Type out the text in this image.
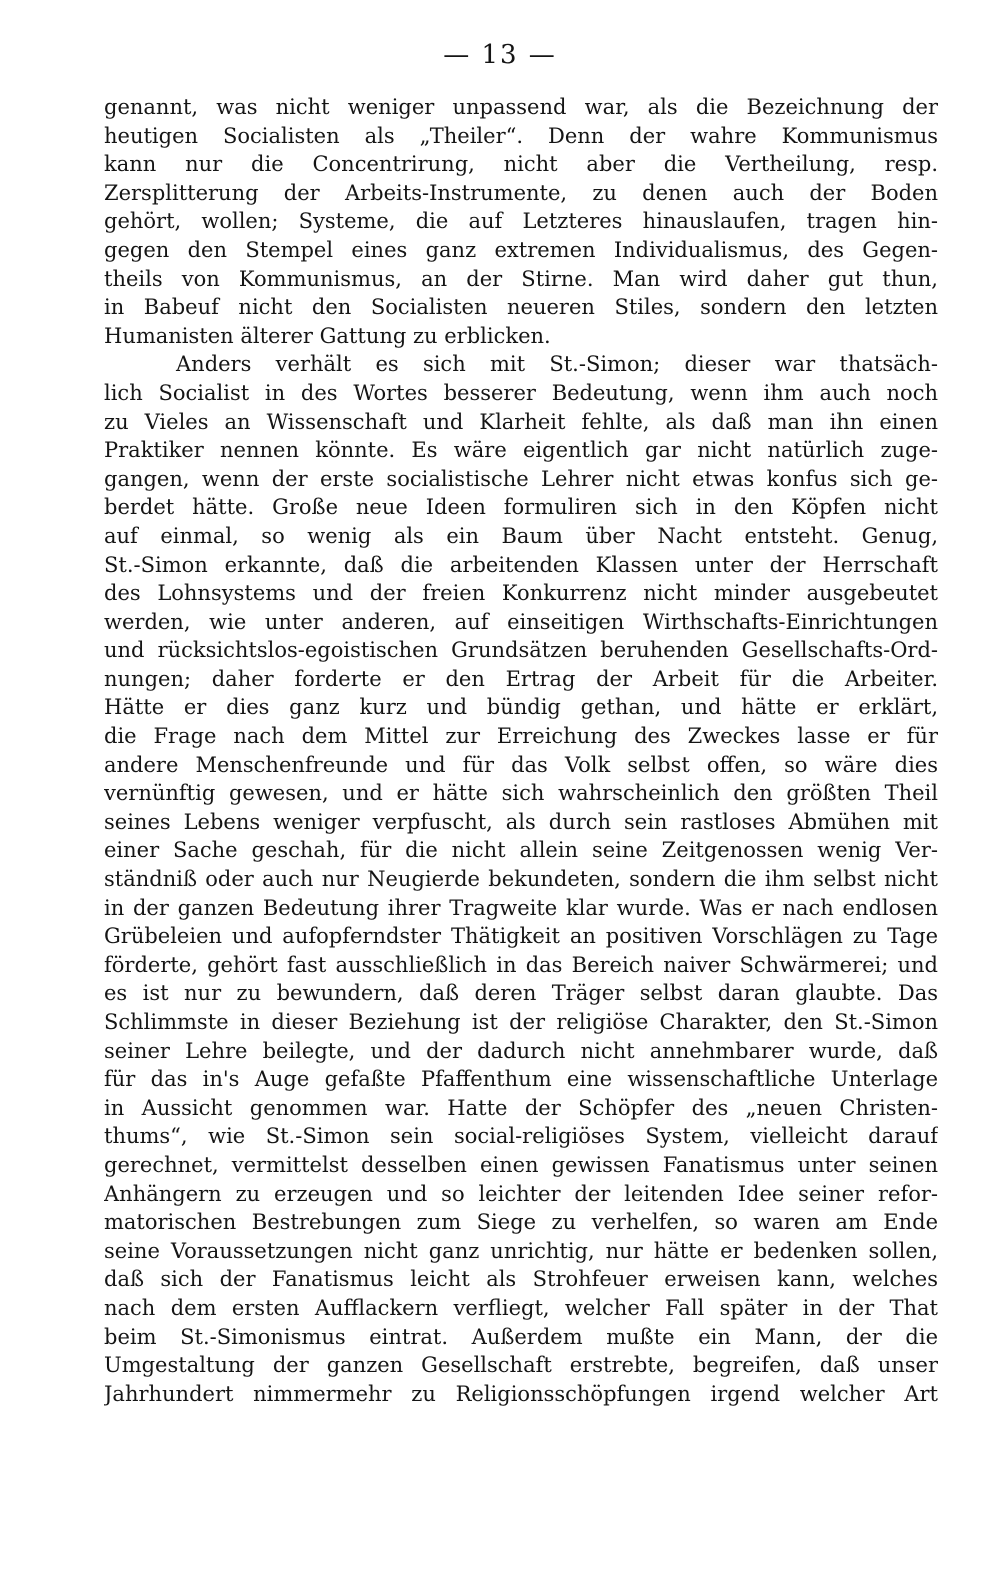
— 13 —
genannt, was nicht weniger unpassend war, als die Bezeichnung der
heutigen Socialisten als „Theiler“. Denn der wahre Kommunismus
kann nur die Concentrirung, nicht aber die Vertheilung, resp.
Zersplitterung der Arbeits-Instrumente, zu denen auch der Boden
gehört, wollen; Systeme, die auf Letzteres hinauslaufen, tragen hin-
gegen den Stempel eines ganz extremen Individualismus, des Gegen-
theils von Kommunismus, an der Stirne. Man wird daher gut thun,
in Babeuf nicht den Socialisten neueren Stiles, sondern den letzten
Humanisten älterer Gattung zu erblicken.
Anders verhält es sich mit St.-Simon; dieser war thatsäch-
lich Socialist in des Wortes besserer Bedeutung, wenn ihm auch noch
zu Vieles an Wissenschaft und Klarheit fehlte, als daß man ihn einen
Praktiker nennen könnte. Es wäre eigentlich gar nicht natürlich zuge-
gangen, wenn der erste socialistische Lehrer nicht etwas konfus sich ge-
berdet hätte. Große neue Ideen formuliren sich in den Köpfen nicht
auf einmal, so wenig als ein Baum über Nacht entsteht. Genug,
St.-Simon erkannte, daß die arbeitenden Klassen unter der Herrschaft
des Lohnsystems und der freien Konkurrenz nicht minder ausgebeutet
werden, wie unter anderen, auf einseitigen Wirthschafts-Einrichtungen
und rücksichtslos-egoistischen Grundsätzen beruhenden Gesellschafts-Ord-
nungen; daher forderte er den Ertrag der Arbeit für die Arbeiter.
Hätte er dies ganz kurz und bündig gethan, und hätte er erklärt,
die Frage nach dem Mittel zur Erreichung des Zweckes lasse er für
andere Menschenfreunde und für das Volk selbst offen, so wäre dies
vernünftig gewesen, und er hätte sich wahrscheinlich den größten Theil
seines Lebens weniger verpfuscht, als durch sein rastloses Abmühen mit
einer Sache geschah, für die nicht allein seine Zeitgenossen wenig Ver-
ständniß oder auch nur Neugierde bekundeten, sondern die ihm selbst nicht
in der ganzen Bedeutung ihrer Tragweite klar wurde. Was er nach endlosen
Grübeleien und aufopferndster Thätigkeit an positiven Vorschlägen zu Tage
förderte, gehört fast ausschließlich in das Bereich naiver Schwärmerei; und
es ist nur zu bewundern, daß deren Träger selbst daran glaubte. Das
Schlimmste in dieser Beziehung ist der religiöse Charakter, den St.-Simon
seiner Lehre beilegte, und der dadurch nicht annehmbarer wurde, daß
für das in's Auge gefaßte Pfaffenthum eine wissenschaftliche Unterlage
in Aussicht genommen war. Hatte der Schöpfer des „neuen Christen-
thums“, wie St.-Simon sein social-religiöses System, vielleicht darauf
gerechnet, vermittelst desselben einen gewissen Fanatismus unter seinen
Anhängern zu erzeugen und so leichter der leitenden Idee seiner refor-
matorischen Bestrebungen zum Siege zu verhelfen, so waren am Ende
seine Voraussetzungen nicht ganz unrichtig, nur hätte er bedenken sollen,
daß sich der Fanatismus leicht als Strohfeuer erweisen kann, welches
nach dem ersten Aufflackern verfliegt, welcher Fall später in der That
beim St.-Simonismus eintrat. Außerdem mußte ein Mann, der die
Umgestaltung der ganzen Gesellschaft erstrebte, begreifen, daß unser
Jahrhundert nimmermehr zu Religionsschöpfungen irgend welcher Art
